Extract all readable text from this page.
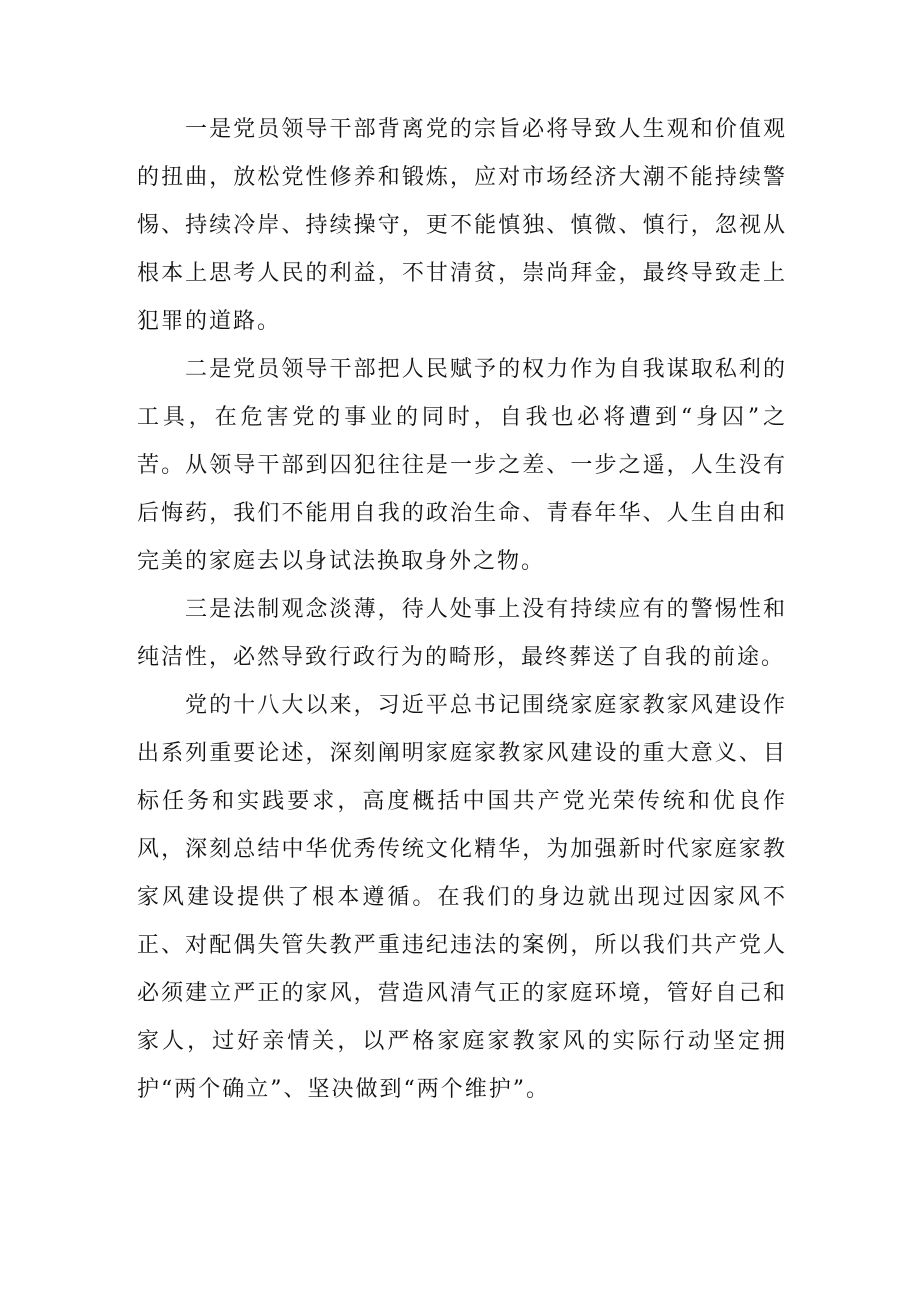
一是党员领导干部背离党的宗旨必将导致人生观和价值观的扭曲，放松党性修养和锻炼，应对市场经济大潮不能持续警惕、持续冷岸、持续操守，更不能慎独、慎微、慎行，忽视从根本上思考人民的利益，不甘清贫，崇尚拜金，最终导致走上犯罪的道路。

二是党员领导干部把人民赋予的权力作为自我谋取私利的工具，在危害党的事业的同时，自我也必将遭到“身囚”之苦。从领导干部到囚犯往往是一步之差、一步之遥，人生没有后悔药，我们不能用自我的政治生命、青春年华、人生自由和完美的家庭去以身试法换取身外之物。

三是法制观念淡薄，待人处事上没有持续应有的警惕性和纯洁性，必然导致行政行为的畸形，最终葬送了自我的前途。

党的十八大以来，习近平总书记围绕家庭家教家风建设作出系列重要论述，深刻阐明家庭家教家风建设的重大意义、目标任务和实践要求，高度概括中国共产党光荣传统和优良作风，深刻总结中华优秀传统文化精华，为加强新时代家庭家教家风建设提供了根本遵循。在我们的身边就出现过因家风不正、对配偶失管失教严重违纪违法的案例，所以我们共产党人必须建立严正的家风，营造风清气正的家庭环境，管好自己和家人，过好亲情关，以严格家庭家教家风的实际行动坚定拥护“两个确立”、坚决做到“两个维护”。
